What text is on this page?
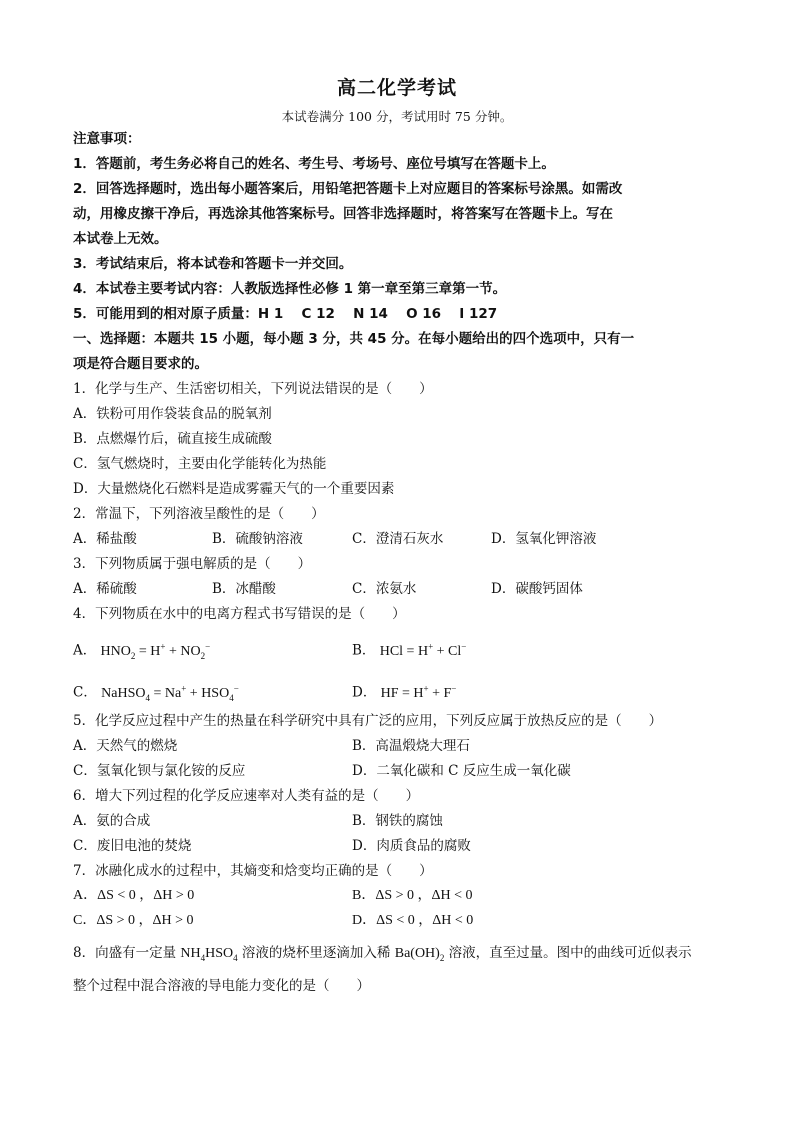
高二化学考试
本试卷满分 100 分，考试用时 75 分钟。
注意事项：
1．答题前，考生务必将自己的姓名、考生号、考场号、座位号填写在答题卡上。
2．回答选择题时，选出每小题答案后，用铅笔把答题卡上对应题目的答案标号涂黑。如需改
动，用橡皮擦干净后，再选涂其他答案标号。回答非选择题时，将答案写在答题卡上。写在
本试卷上无效。
3．考试结束后，将本试卷和答题卡一并交回。
4．本试卷主要考试内容：人教版选择性必修 1 第一章至第三章第一节。
5．可能用到的相对原子质量：H 1　 C 12　 N 14　 O 16　 I 127
一、选择题：本题共 15 小题，每小题 3 分，共 45 分。在每小题给出的四个选项中，只有一
项是符合题目要求的。
1．化学与生产、生活密切相关，下列说法错误的是（　　）
A．铁粉可用作袋装食品的脱氧剂
B．点燃爆竹后，硫直接生成硫酸
C．氢气燃烧时，主要由化学能转化为热能
D．大量燃烧化石燃料是造成雾霾天气的一个重要因素
2．常温下，下列溶液呈酸性的是（　　）
A．稀盐酸	B．硫酸钠溶液	C．澄清石灰水	D．氢氧化钾溶液
3．下列物质属于强电解质的是（　　）
A．稀硫酸	B．冰醋酸	C．浓氨水	D．碳酸钙固体
4．下列物质在水中的电离方程式书写错误的是（　　）
A． $HNO_2 = H^+ + NO_2^-$	B． HCl = H+ + Cl−
C． NaHSO$_4$ = $Na^+ + HSO_4^-$	D． HF = H+ + F−
5．化学反应过程中产生的热量在科学研究中具有广泛的应用，下列反应属于放热反应的是（　　）
A．天然气的燃烧	B．高温煅烧大理石
C．氢氧化钡与氯化铵的反应	D．二氧化碳和 C 反应生成一氧化碳
6．增大下列过程的化学反应速率对人类有益的是（　　）
A．氨的合成	B．钢铁的腐蚀
C．废旧电池的焚烧	D．肉质食品的腐败
7．冰融化成水的过程中，其熵变和焓变均正确的是（　　）
A．ΔS < 0 ，ΔH > 0	B．ΔS > 0 ，ΔH < 0
C．ΔS > 0 ，ΔH > 0	D．ΔS < 0 ，ΔH < 0
8．向盛有一定量 $NH_4HSO_4$ 溶液的烧杯里逐滴加入稀 $Ba(OH)_2$ 溶液，直至过量。图中的曲线可近似表示
整个过程中混合溶液的导电能力变化的是（　　）
